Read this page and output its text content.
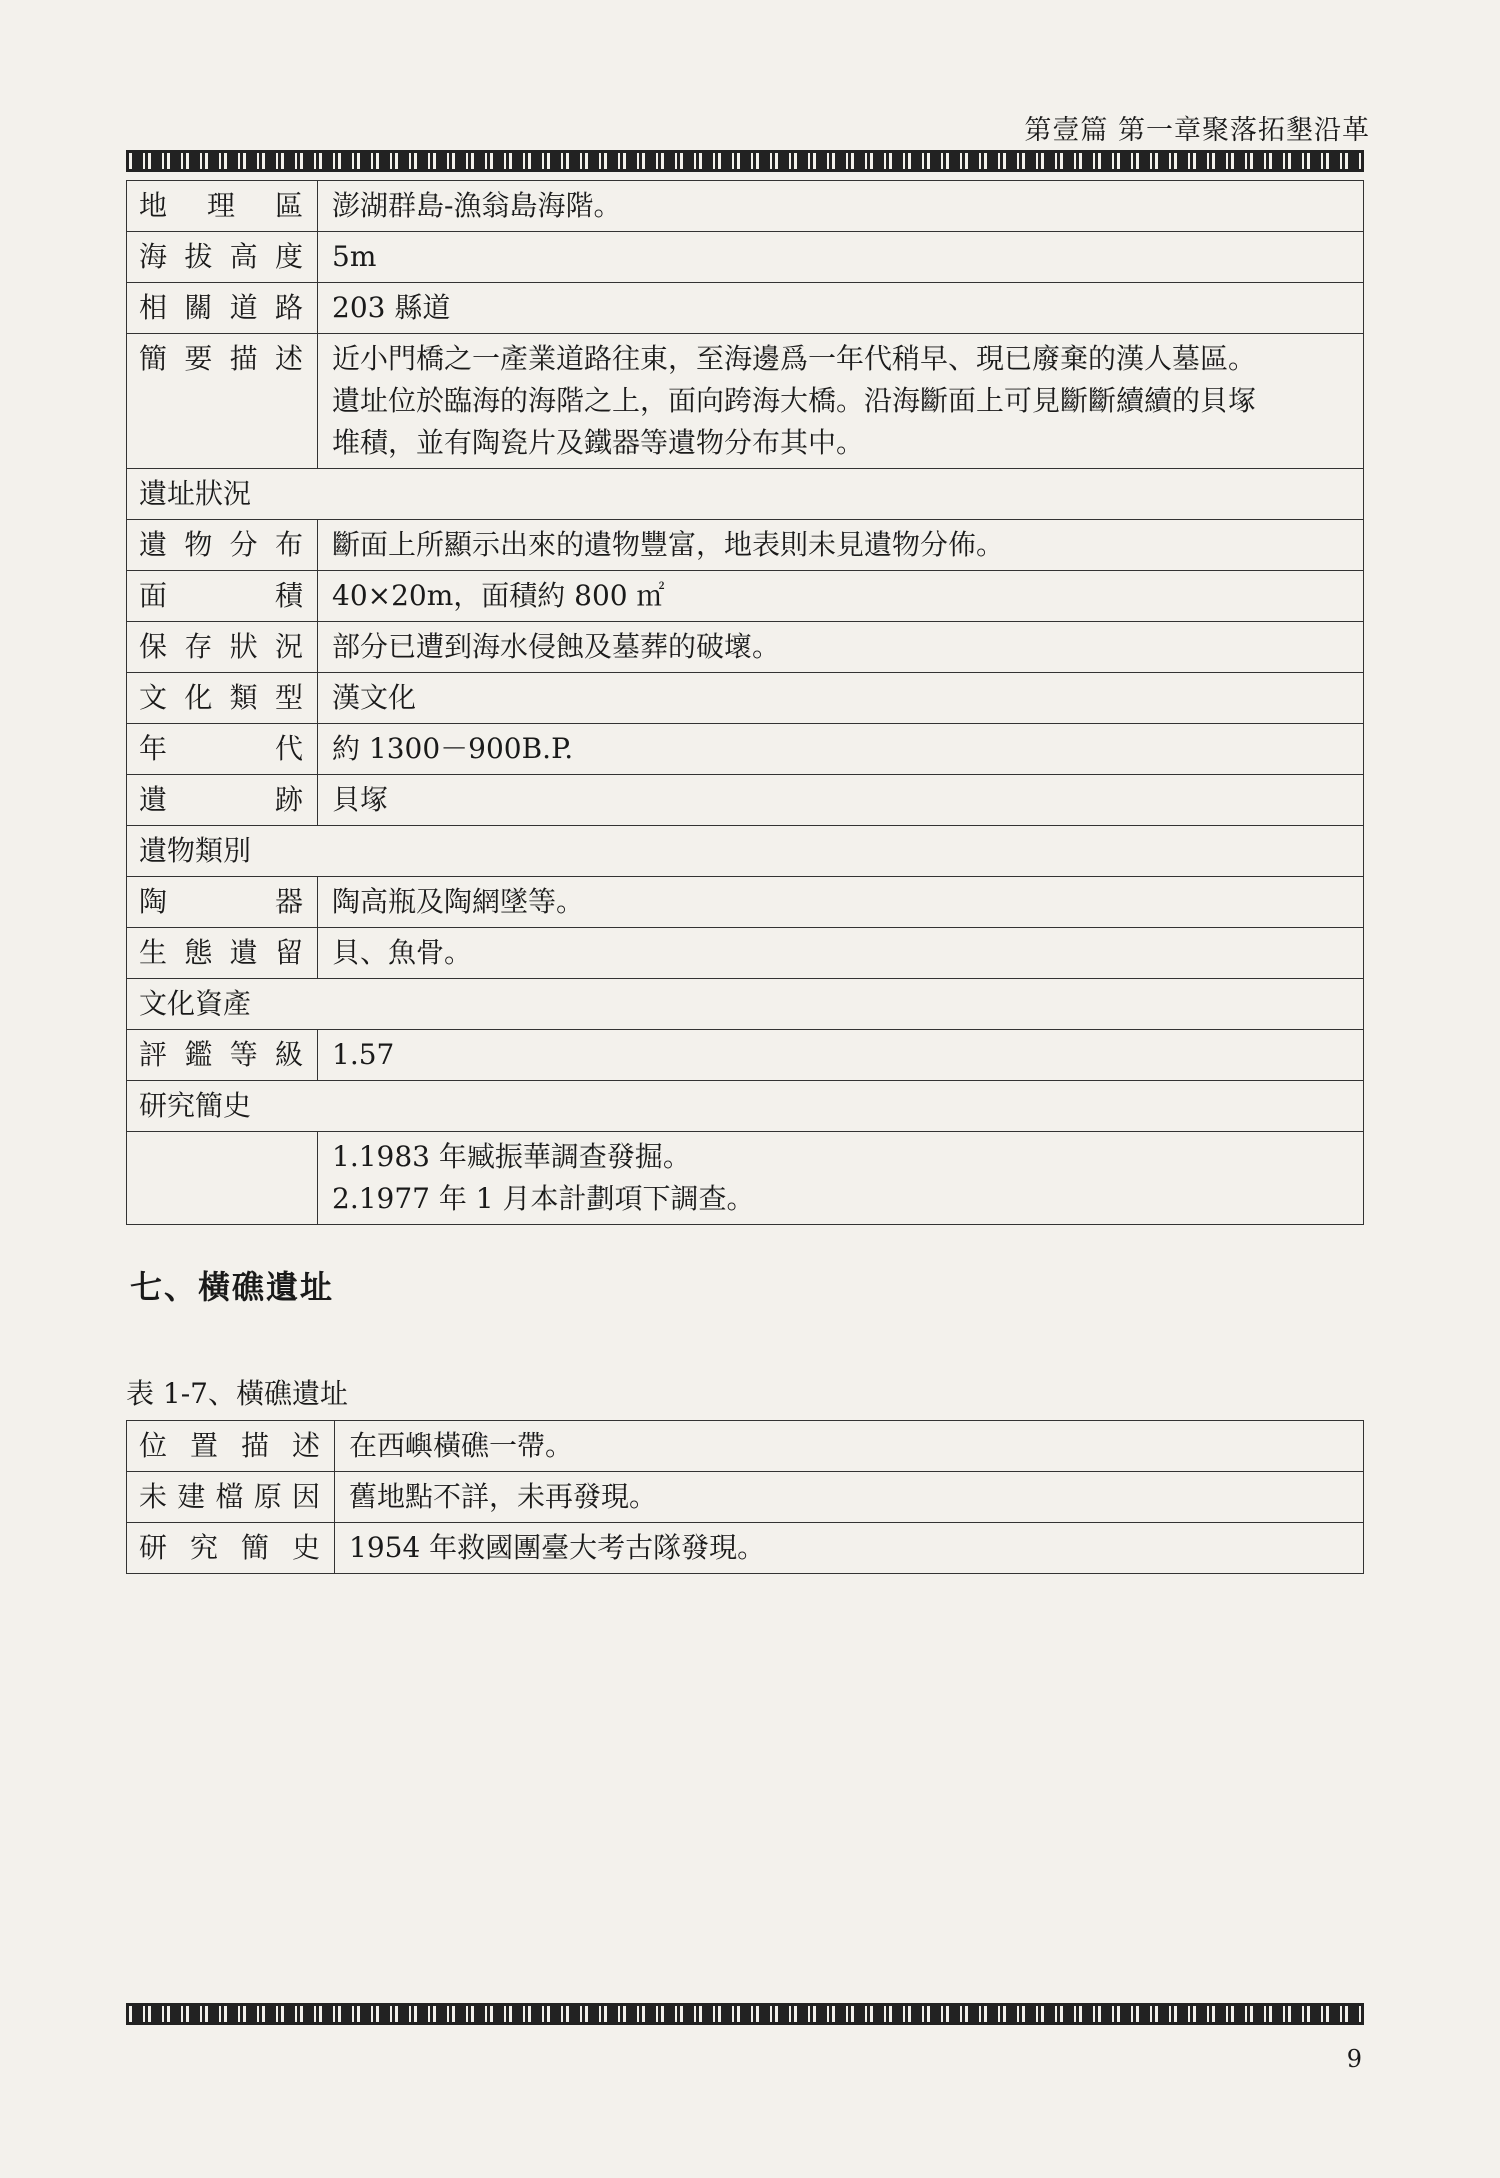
第壹篇 第一章聚落拓墾沿革
地理區	澎湖群島-漁翁島海階。
海拔高度	5m
相關道路	203 縣道
簡要描述	近小門橋之一產業道路往東，至海邊爲一年代稍早、現已廢棄的漢人墓區。
遺址位於臨海的海階之上，面向跨海大橋。沿海斷面上可見斷斷續續的貝塚
堆積，並有陶瓷片及鐵器等遺物分布其中。

遺址狀況	
遺物分布	斷面上所顯示出來的遺物豐富，地表則未見遺物分佈。
面積	40×20m，面積約 800 ㎡
保存狀況	部分已遭到海水侵蝕及墓葬的破壞。
文化類型	漢文化
年代	約 1300－900B.P.
遺跡	貝塚
遺物類別	
陶器	陶高瓶及陶網墜等。
生態遺留	貝、魚骨。
文化資產	
評鑑等級	1.57
研究簡史	

	1.1983 年臧振華調查發掘。
2.1977 年 1 月本計劃項下調查。
七、橫礁遺址
表 1-7、橫礁遺址
位置描述	在西嶼橫礁一帶。
未建檔原因	舊地點不詳，未再發現。
研究簡史	1954 年救國團臺大考古隊發現。
9
